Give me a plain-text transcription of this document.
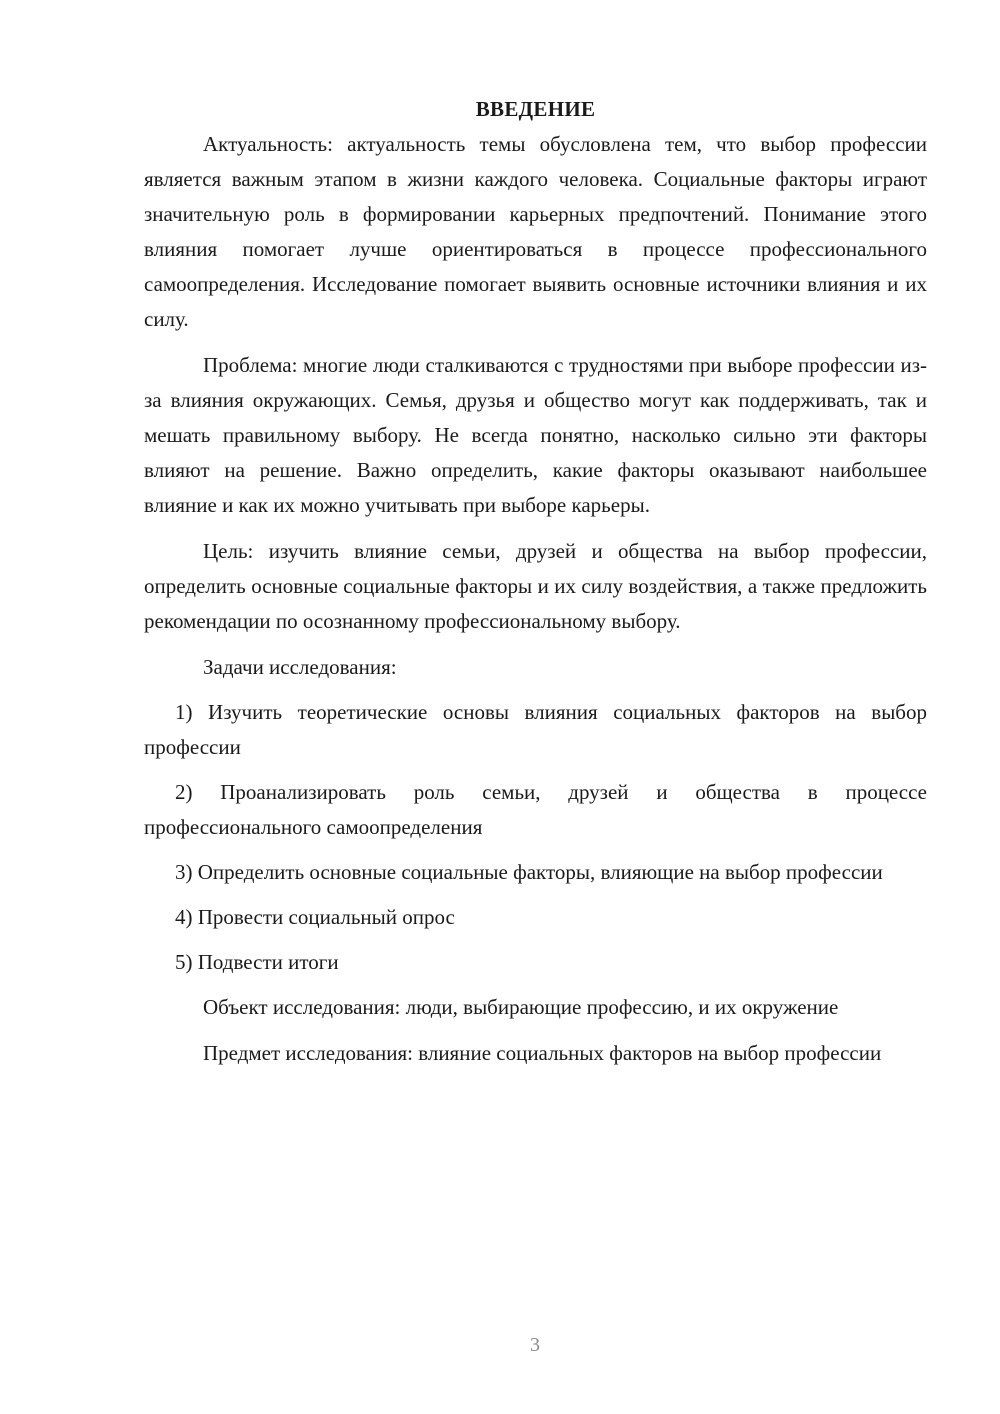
ВВЕДЕНИЕ

Актуальность: актуальность темы обусловлена тем, что выбор профессии является важным этапом в жизни каждого человека. Социальные факторы играют значительную роль в формировании карьерных предпочтений. Понимание этого влияния помогает лучше ориентироваться в процессе профессионального самоопределения. Исследование помогает выявить основные источники влияния и их силу.

Проблема: многие люди сталкиваются с трудностями при выборе профессии из-за влияния окружающих. Семья, друзья и общество могут как поддерживать, так и мешать правильному выбору. Не всегда понятно, насколько сильно эти факторы влияют на решение. Важно определить, какие факторы оказывают наибольшее влияние и как их можно учитывать при выборе карьеры.

Цель: изучить влияние семьи, друзей и общества на выбор профессии, определить основные социальные факторы и их силу воздействия, а также предложить рекомендации по осознанному профессиональному выбору.

Задачи исследования:

1) Изучить теоретические основы влияния социальных факторов на выбор профессии

2) Проанализировать роль семьи, друзей и общества в процессе профессионального самоопределения

3) Определить основные социальные факторы, влияющие на выбор профессии

4) Провести социальный опрос

5) Подвести итоги

Объект исследования: люди, выбирающие профессию, и их окружение

Предмет исследования: влияние социальных факторов на выбор профессии

3
